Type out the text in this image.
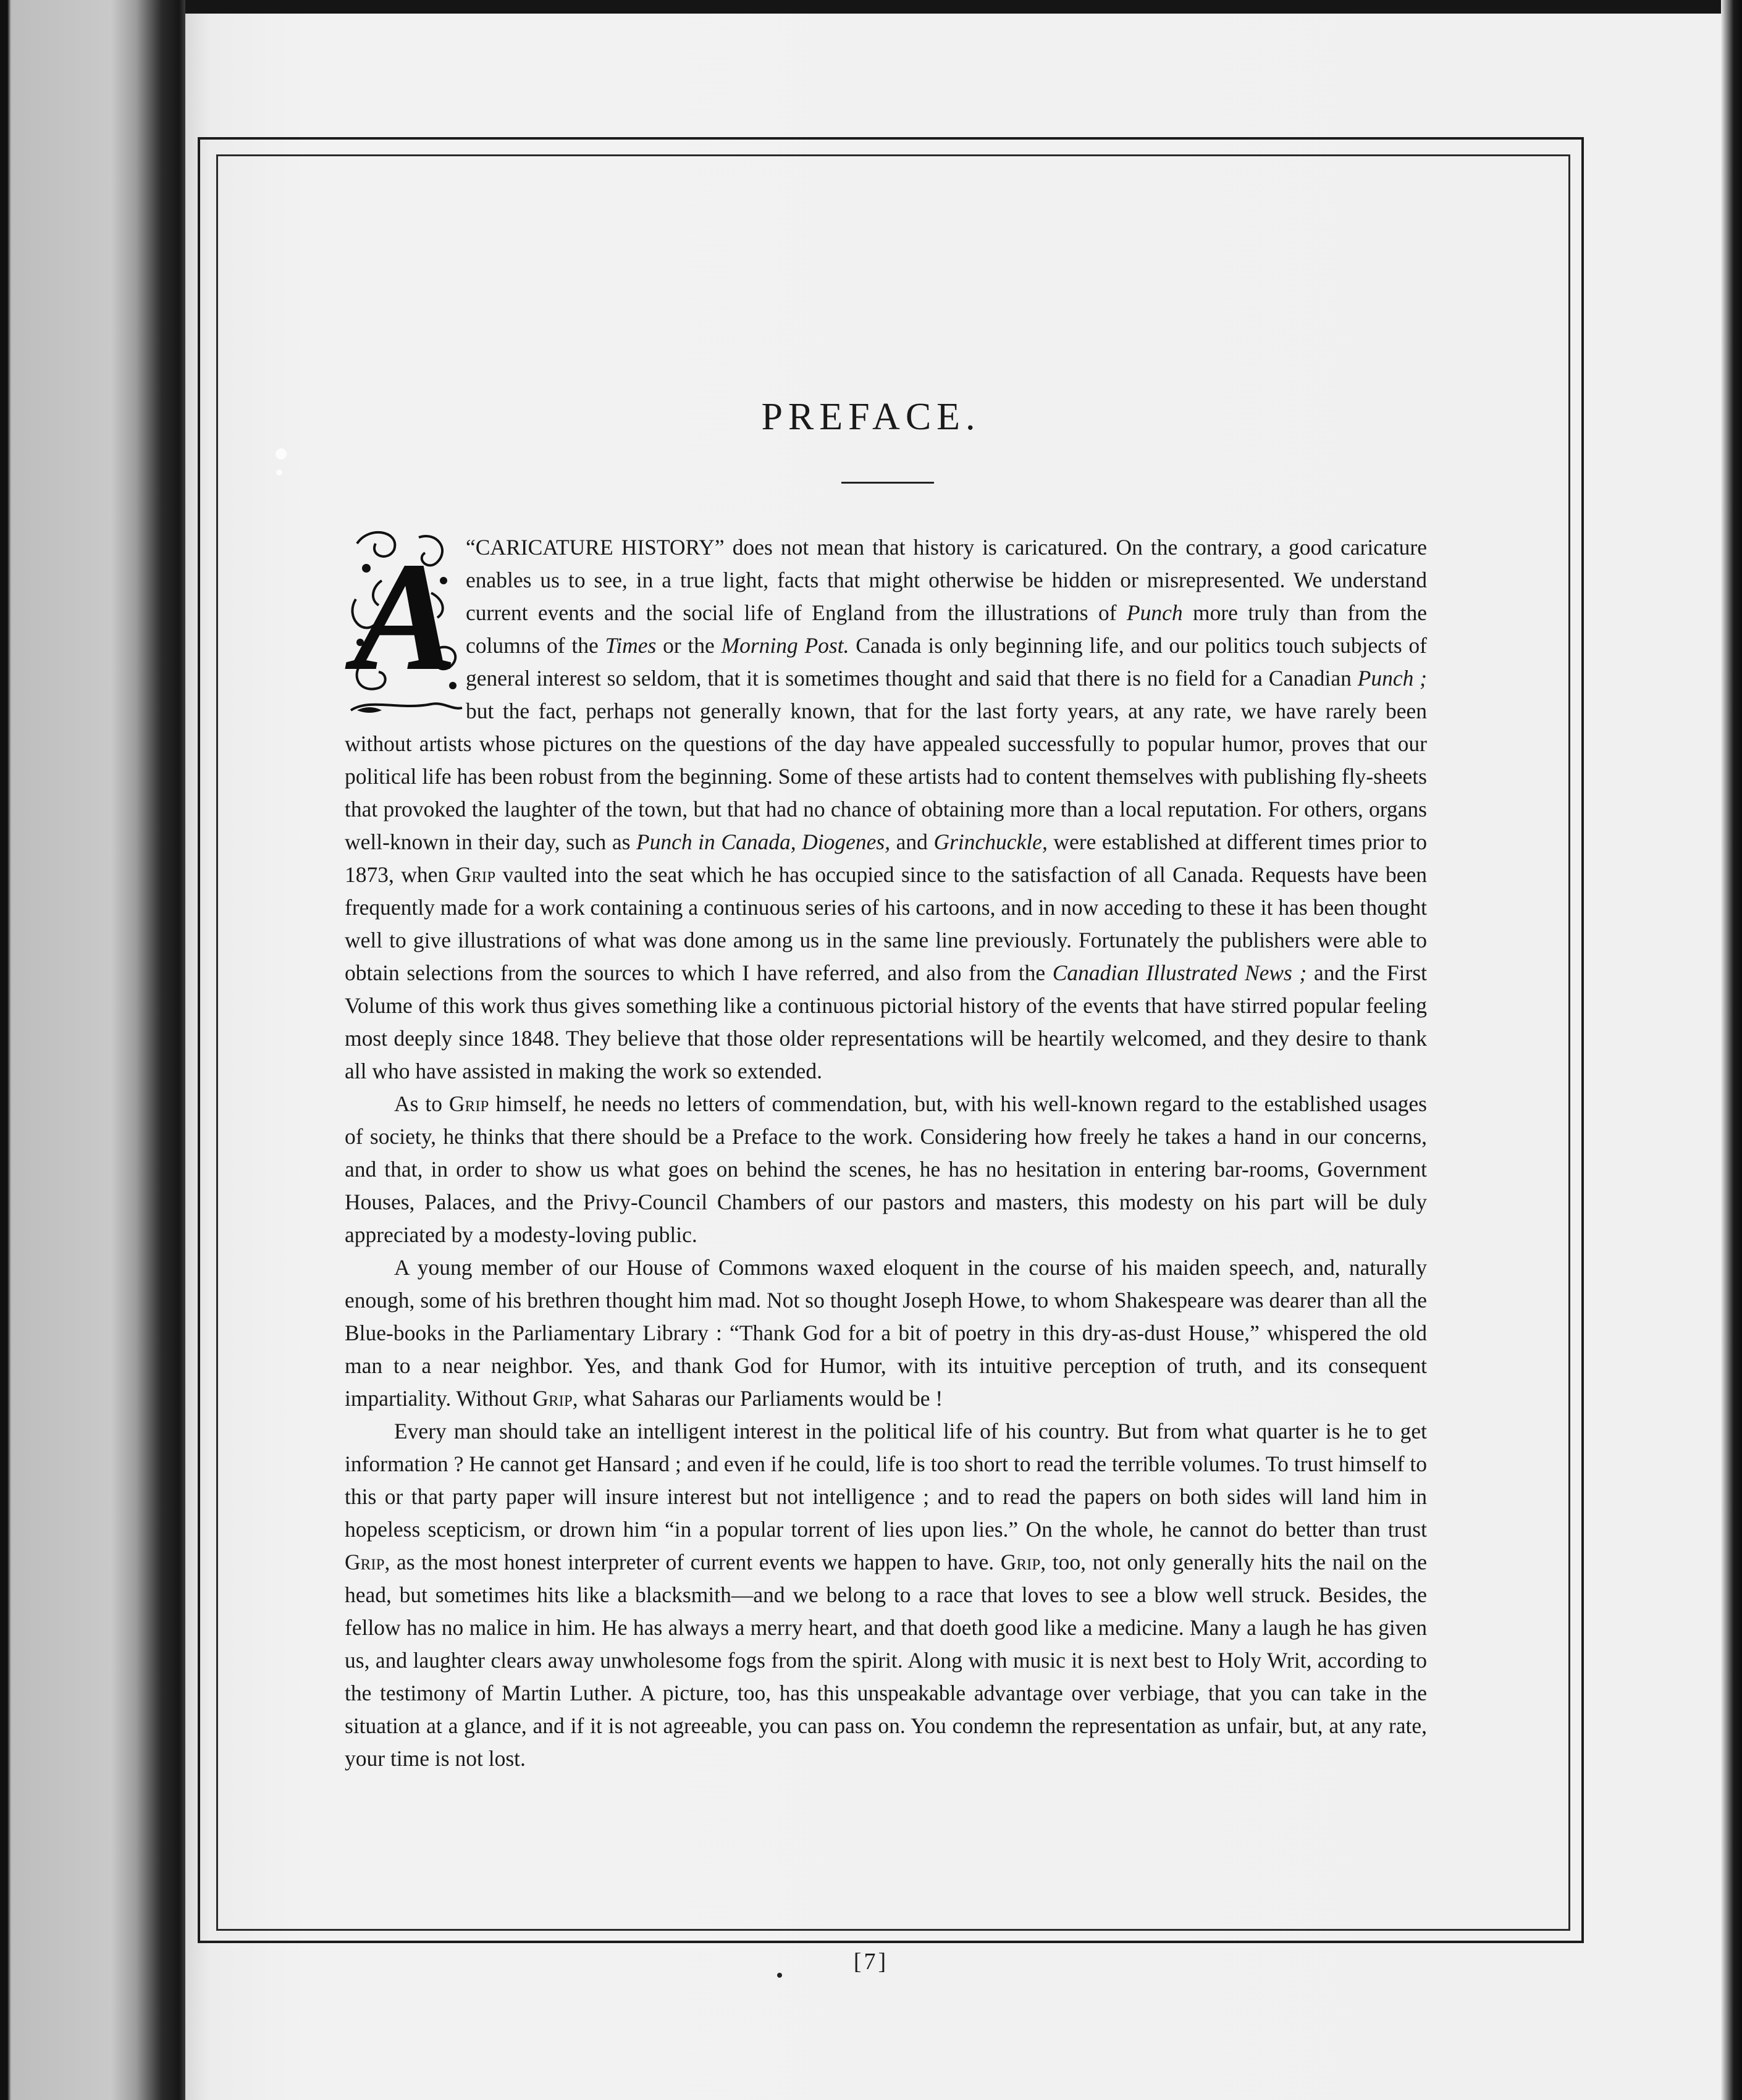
PREFACE.
A “CARICATURE HISTORY” does not mean that history is caricatured. On the contrary, a good caricature enables us to see, in a true light, facts that might otherwise be hidden or misrepresented. We understand current events and the social life of England from the illustrations of Punch more truly than from the columns of the Times or the Morning Post. Canada is only beginning life, and our politics touch subjects of general interest so seldom, that it is sometimes thought and said that there is no field for a Canadian Punch ; but the fact, perhaps not generally known, that for the last forty years, at any rate, we have rarely been without artists whose pictures on the questions of the day have appealed successfully to popular humor, proves that our political life has been robust from the beginning. Some of these artists had to content themselves with publishing fly-sheets that provoked the laughter of the town, but that had no chance of obtaining more than a local reputation. For others, organs well-known in their day, such as Punch in Canada, Diogenes, and Grinchuckle, were established at different times prior to 1873, when Grip vaulted into the seat which he has occupied since to the satisfaction of all Canada. Requests have been frequently made for a work containing a continuous series of his cartoons, and in now acceding to these it has been thought well to give illustrations of what was done among us in the same line previously. Fortunately the publishers were able to obtain selections from the sources to which I have referred, and also from the Canadian Illustrated News ; and the First Volume of this work thus gives something like a continuous pictorial history of the events that have stirred popular feeling most deeply since 1848. They believe that those older representations will be heartily welcomed, and they desire to thank all who have assisted in making the work so extended.

As to Grip himself, he needs no letters of commendation, but, with his well-known regard to the established usages of society, he thinks that there should be a Preface to the work. Considering how freely he takes a hand in our concerns, and that, in order to show us what goes on behind the scenes, he has no hesitation in entering bar-rooms, Government Houses, Palaces, and the Privy-Council Chambers of our pastors and masters, this modesty on his part will be duly appreciated by a modesty-loving public.

A young member of our House of Commons waxed eloquent in the course of his maiden speech, and, naturally enough, some of his brethren thought him mad. Not so thought Joseph Howe, to whom Shakespeare was dearer than all the Blue-books in the Parliamentary Library : “Thank God for a bit of poetry in this dry-as-dust House,” whispered the old man to a near neighbor. Yes, and thank God for Humor, with its intuitive perception of truth, and its consequent impartiality. Without Grip, what Saharas our Parliaments would be !

Every man should take an intelligent interest in the political life of his country. But from what quarter is he to get information ? He cannot get Hansard ; and even if he could, life is too short to read the terrible volumes. To trust himself to this or that party paper will insure interest but not intelligence ; and to read the papers on both sides will land him in hopeless scepticism, or drown him “in a popular torrent of lies upon lies.” On the whole, he cannot do better than trust Grip, as the most honest interpreter of current events we happen to have. Grip, too, not only generally hits the nail on the head, but sometimes hits like a blacksmith—and we belong to a race that loves to see a blow well struck. Besides, the fellow has no malice in him. He has always a merry heart, and that doeth good like a medicine. Many a laugh he has given us, and laughter clears away unwholesome fogs from the spirit. Along with music it is next best to Holy Writ, according to the testimony of Martin Luther. A picture, too, has this unspeakable advantage over verbiage, that you can take in the situation at a glance, and if it is not agreeable, you can pass on. You condemn the representation as unfair, but, at any rate, your time is not lost.

[7]
